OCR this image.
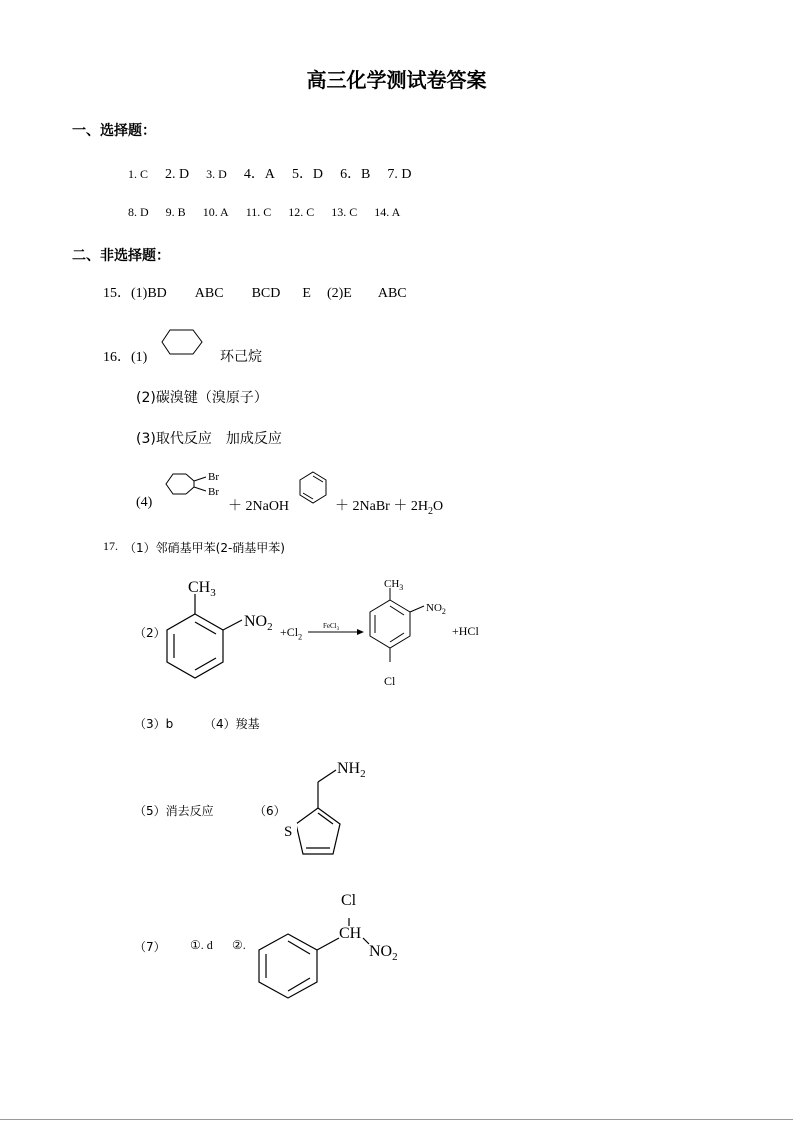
高三化学测试卷答案
一、选择题：
1. C 2. D 3. D 4．A 5．D 6．B 7. D
8. D 9. B 10. A 11. C 12. C 13. C 14. A
二、非选择题：
15．(1)BD ABC BCD E (2)E ABC
16．(1)	环己烷
(2)碳溴键（溴原子）
(3)取代反应　加成反应
(4)
Br
Br
＋ 2NaOH	＋ 2NaBr ＋ $2H_2O$
17. （1）邻硝基甲苯(2-硝基甲苯)
（2）
$CH_3$
$NO_2 +Cl_2$
FeCl$_3$
$CH_3$
$NO_2$
Cl
+HCl
（3）b	（4）羧基
（5）消去反应	（6）
S
$NH_2$
（7） ①. d ②.
Cl
CH
$NO_2$
